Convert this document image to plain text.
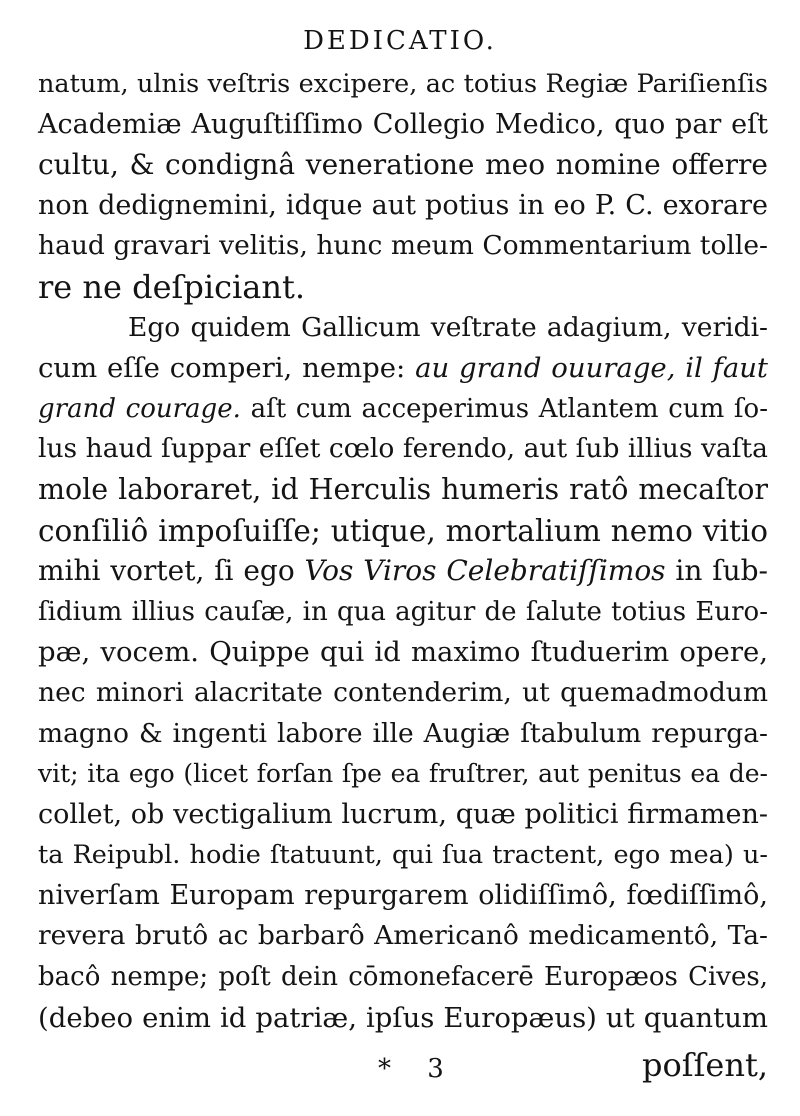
DEDICATIO.
natum, ulnis veſtris excipere, ac totius Regiæ Pariſienſis
Academiæ Auguſtiſſimo Collegio Medico, quo par eſt
cultu, & condignâ veneratione meo nomine offerre
non dedignemini, idque aut potius in eo P. C. exorare
haud gravari velitis, hunc meum Commentarium tolle-
re ne deſpiciant.
Ego quidem Gallicum veſtrate adagium, veridi-
cum eſſe comperi, nempe: au grand ouurage, il faut
grand courage. aſt cum acceperimus Atlantem cum ſo-
lus haud ſuppar eſſet cœlo ferendo, aut ſub illius vaſta
mole laboraret, id Herculis humeris ratô mecaſtor
conſiliô impoſuiſſe; utique, mortalium nemo vitio
mihi vortet, ſi ego Vos Viros Celebratiſſimos in ſub-
ſidium illius cauſæ, in qua agitur de ſalute totius Euro-
pæ, vocem. Quippe qui id maximo ſtuduerim opere,
nec minori alacritate contenderim, ut quemadmodum
magno & ingenti labore ille Augiæ ſtabulum repurga-
vit; ita ego (licet forſan ſpe ea fruſtrer, aut penitus ea de-
collet, ob vectigalium lucrum, quæ politici firmamen-
ta Reipubl. hodie ſtatuunt, qui ſua tractent, ego mea) u-
niverſam Europam repurgarem olidiſſimô, fœdiſſimô,
revera brutô ac barbarô Americanô medicamentô, Ta-
bacô nempe; poſt dein cōmonefacerē Europæos Cives,
(debeo enim id patriæ, ipſus Europæus) ut quantum
* 3	poſſent,
